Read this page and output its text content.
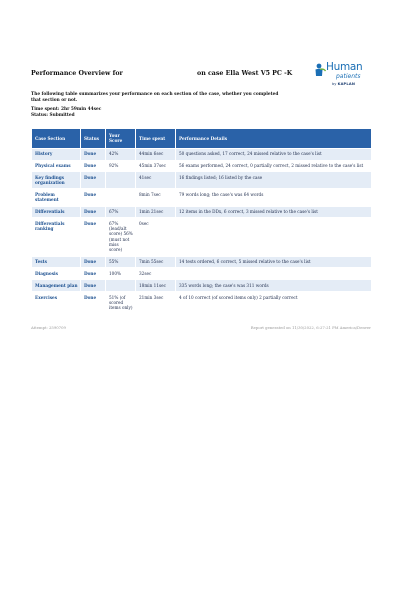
Performance Overview for	on case Ella West V5 PC -K
Human
patients
by KAPLAN
The following table summarizes your performance on each section of the case, whether you completed that section or not.
Time spent: 2hr 59min 44sec
Status: Submitted
Case Section	Status	Your Score	Time spent	Performance Details
History	Done	42%	44min 6sec	50 questions asked, 17 correct, 24 missed relative to the case's list
Physical exams	Done	92%	45min 37sec	56 exams performed, 24 correct, 0 partially correct, 2 missed relative to the case's list
Key findings organization	Done		41sec	16 findings listed; 16 listed by the case
Problem statement	Done		8min 7sec	79 words long; the case's was 64 words
Differentials	Done	67%	1min 21sec	12 items in the DDx, 6 correct, 3 missed relative to the case's list
Differentials ranking	Done	67% (lead/alt score) 56% (must not miss score)	0sec	
Tests	Done	55%	7min 55sec	14 tests ordered, 6 correct, 5 missed relative to the case's list
Diagnosis	Done	100%	32sec	
Management plan	Done		18min 11sec	335 words long; the case's was 311 words
Exercises	Done	51% (of scored items only)	21min 3sec	4 of 10 correct (of scored items only) 2 partially correct
Attempt: 2590709	Report generated on 11/30/2022, 6:27:21 PM America/Denver
